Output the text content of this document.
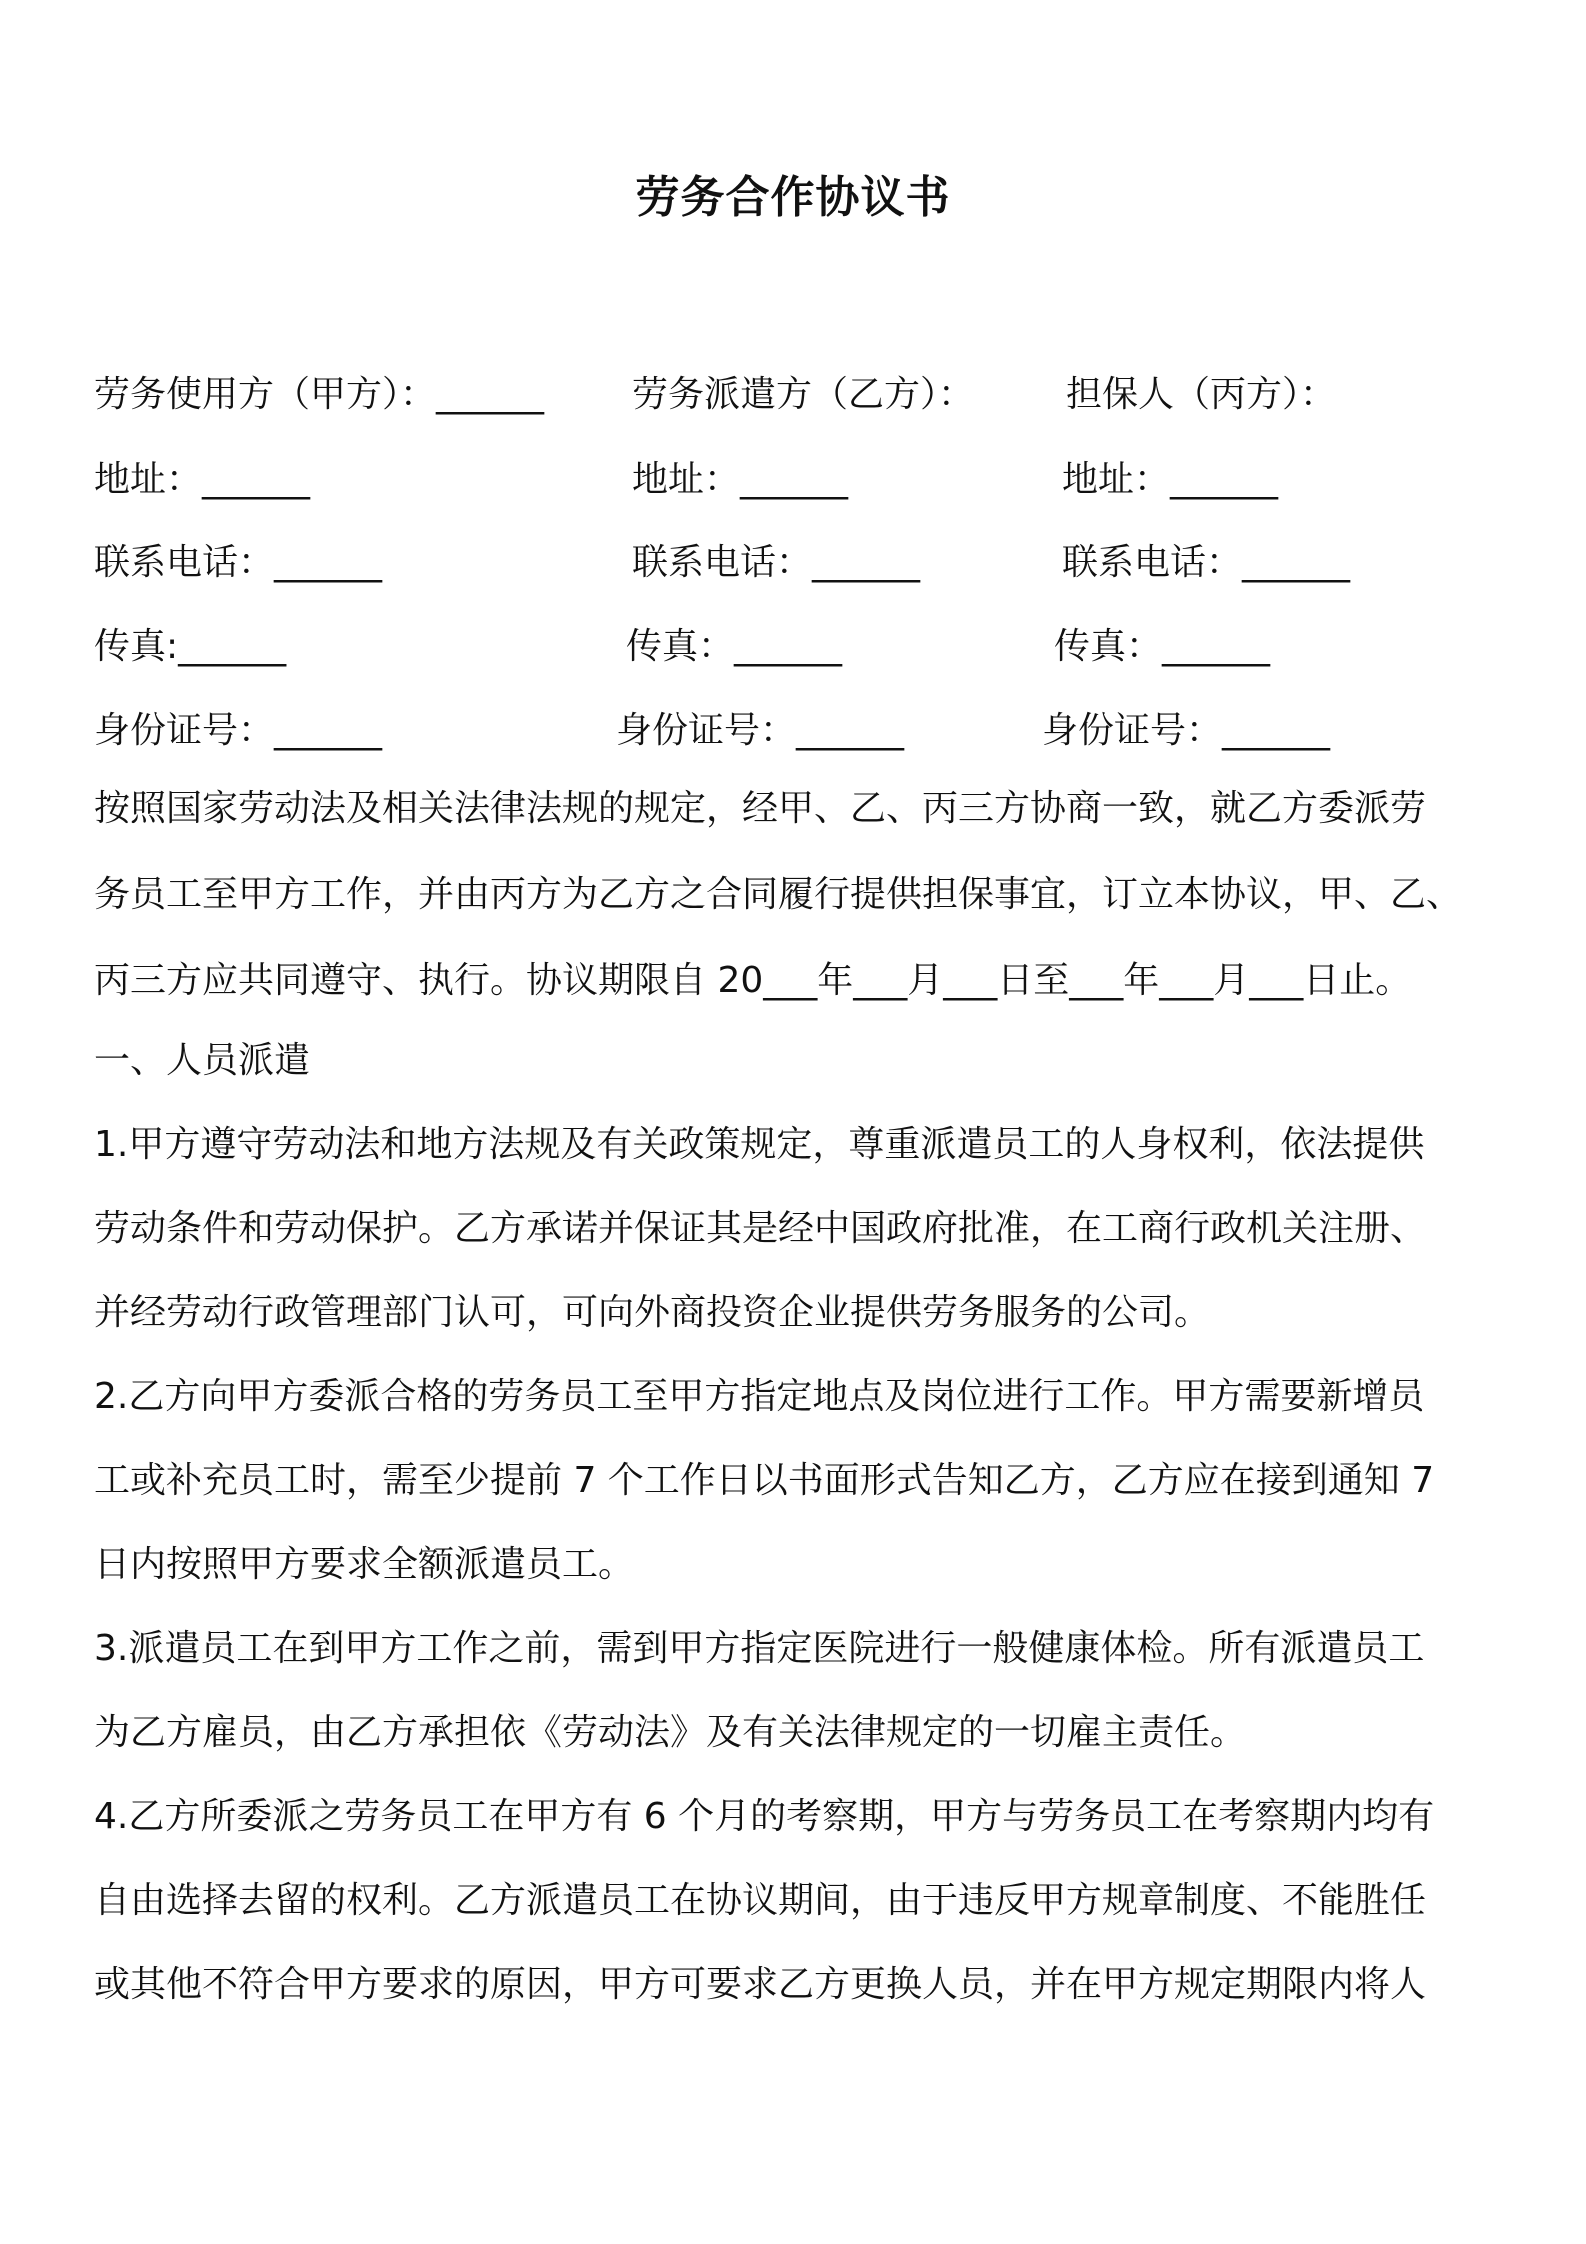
劳务合作协议书
劳务使用方（甲方）：______ 劳务派遣方（乙方）：	担保人（丙方）：
地址：______	地址：______	地址：______
联系电话：______	联系电话：______	联系电话：______
传真:______	传真：______	传真：______
身份证号：______	身份证号：______	身份证号：______
按照国家劳动法及相关法律法规的规定，经甲、乙、丙三方协商一致，就乙方委派劳
务员工至甲方工作，并由丙方为乙方之合同履行提供担保事宜，订立本协议，甲、乙、
丙三方应共同遵守、执行。协议期限自 20___年___月___日至___年___月___日止。
一、人员派遣
1.甲方遵守劳动法和地方法规及有关政策规定，尊重派遣员工的人身权利，依法提供
劳动条件和劳动保护。乙方承诺并保证其是经中国政府批准，在工商行政机关注册、
并经劳动行政管理部门认可，可向外商投资企业提供劳务服务的公司。
2.乙方向甲方委派合格的劳务员工至甲方指定地点及岗位进行工作。甲方需要新增员
工或补充员工时，需至少提前 7 个工作日以书面形式告知乙方，乙方应在接到通知 7
日内按照甲方要求全额派遣员工。
3.派遣员工在到甲方工作之前，需到甲方指定医院进行一般健康体检。所有派遣员工
为乙方雇员，由乙方承担依《劳动法》及有关法律规定的一切雇主责任。
4.乙方所委派之劳务员工在甲方有 6 个月的考察期，甲方与劳务员工在考察期内均有
自由选择去留的权利。乙方派遣员工在协议期间，由于违反甲方规章制度、不能胜任
或其他不符合甲方要求的原因，甲方可要求乙方更换人员，并在甲方规定期限内将人
